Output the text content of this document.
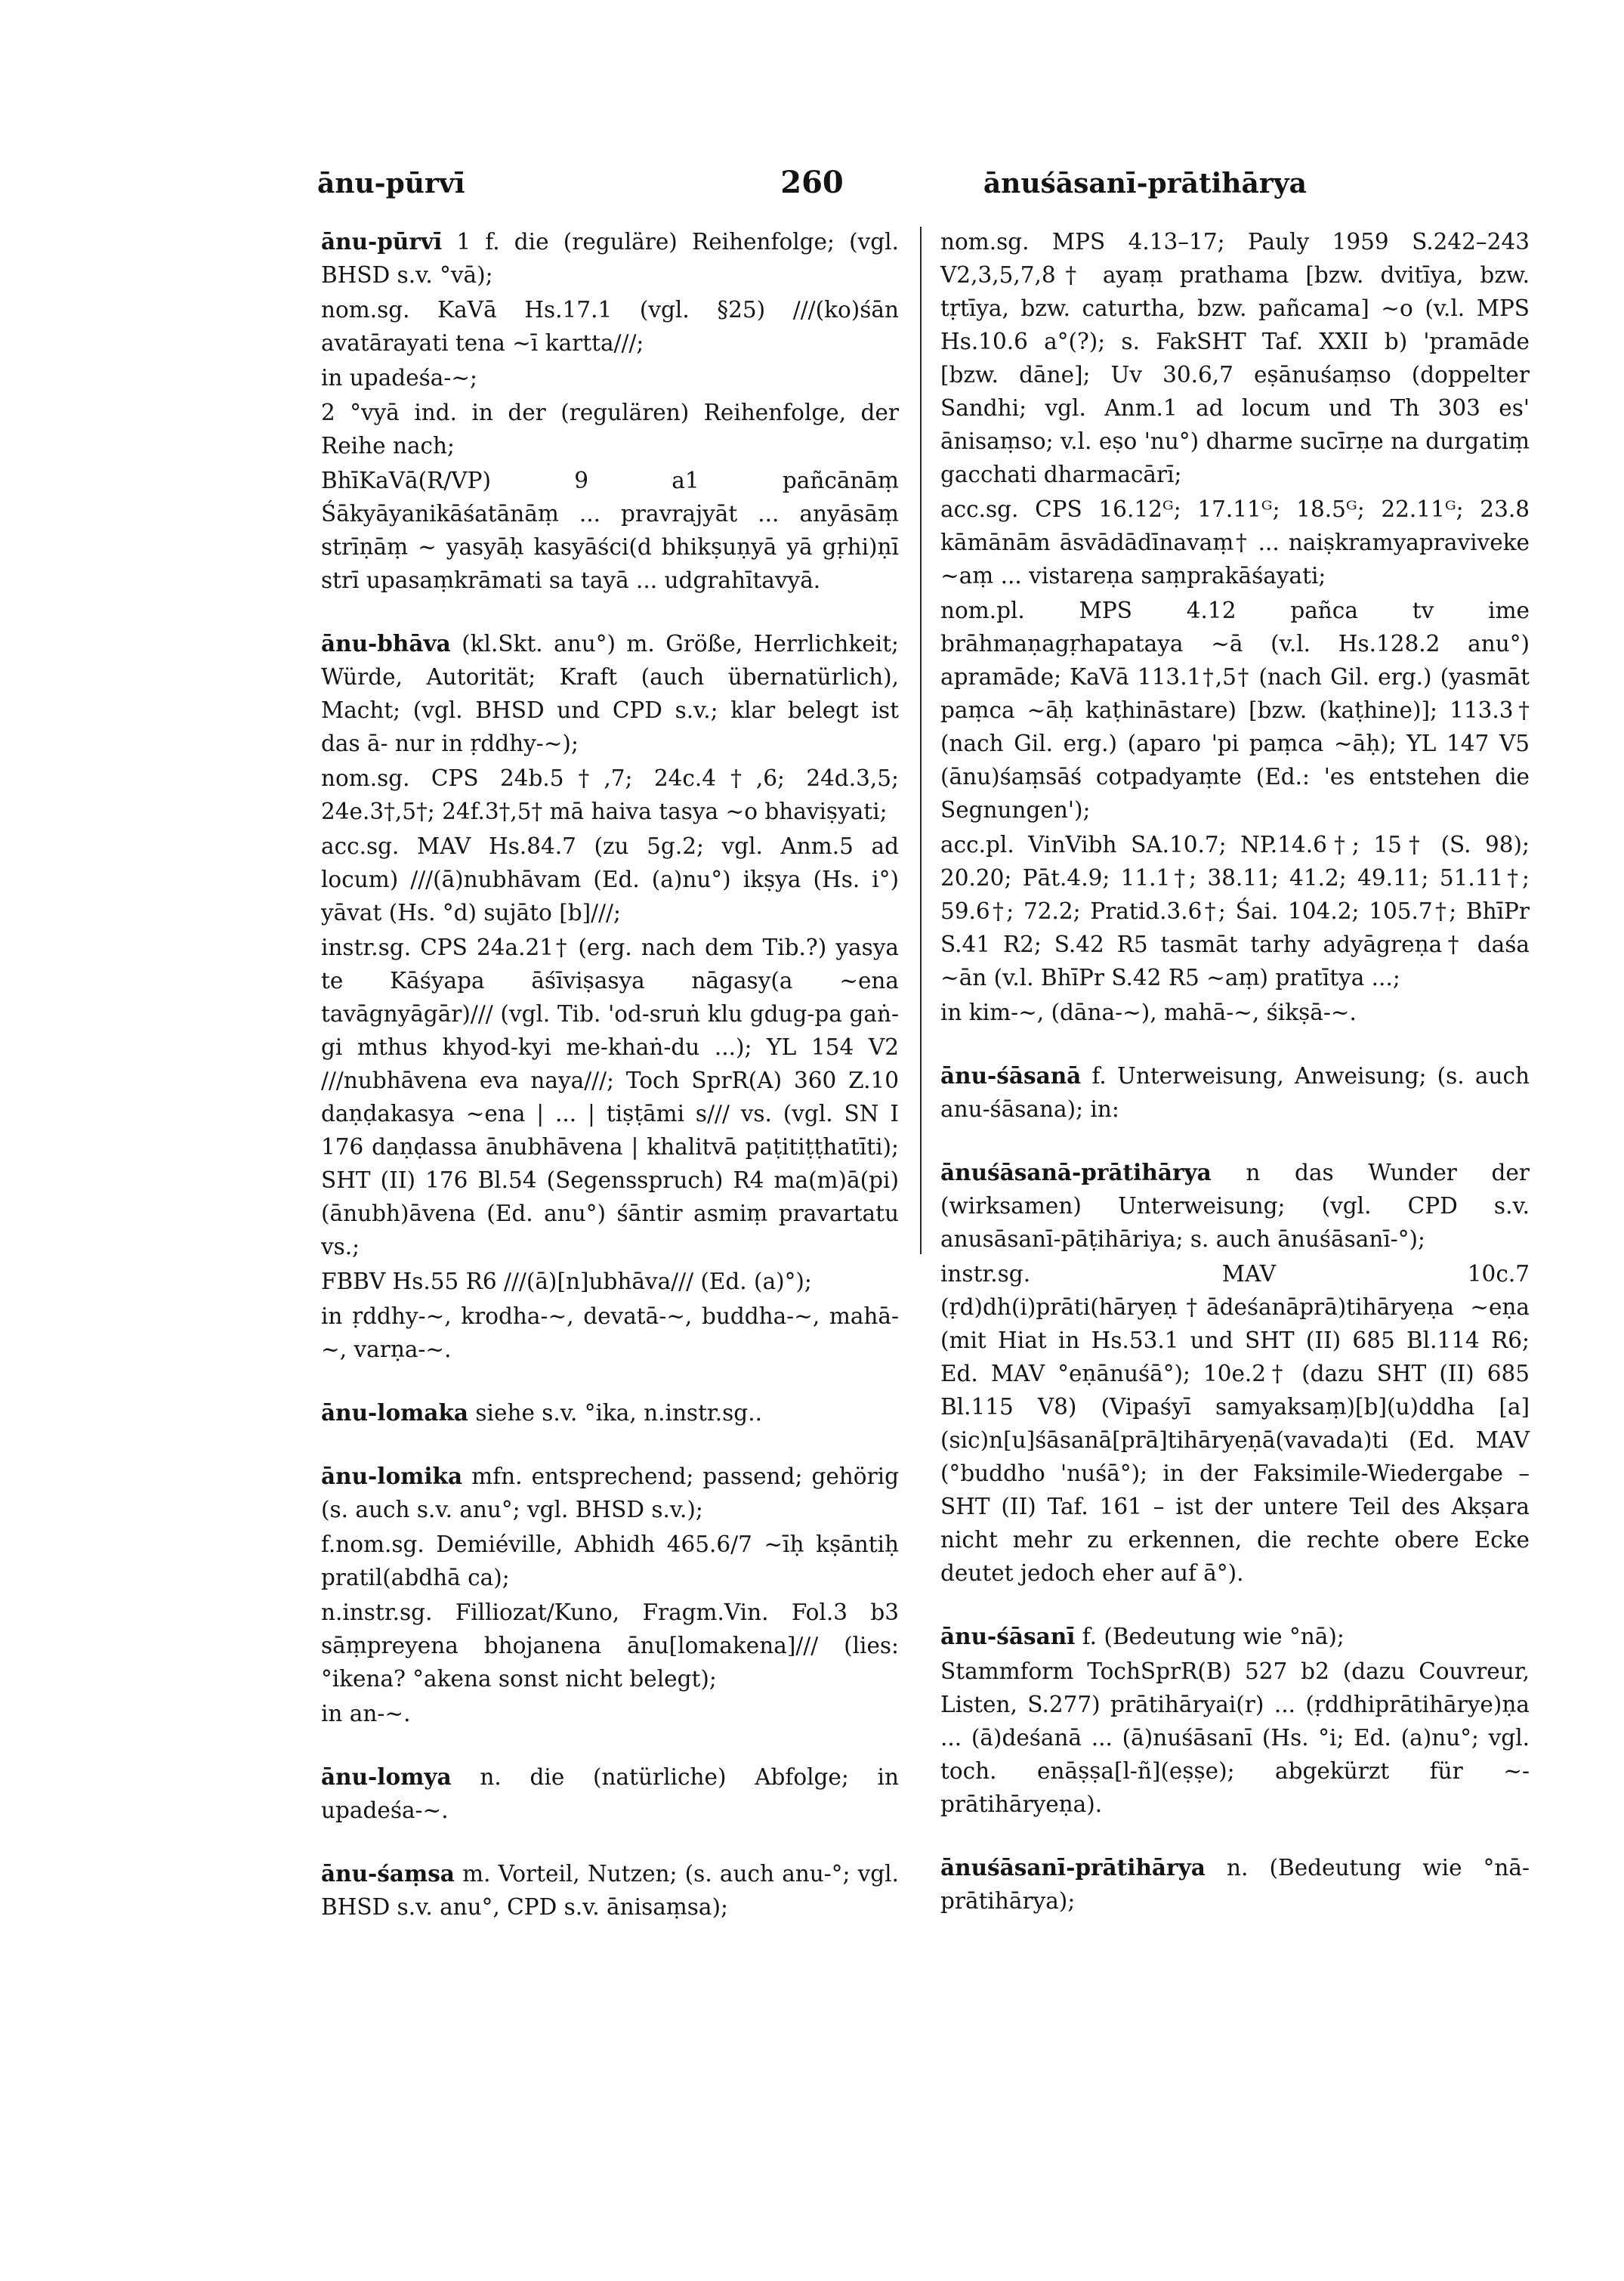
ānu-pūrvī	260	ānuśāsanī-prātihārya

ānu-pūrvī 1 f. die (reguläre) Reihenfolge; (vgl. BHSD s.v. °vā);

nom.sg. KaVā Hs.17.1 (vgl. §25) ///(ko)śān avatārayati tena ~ī kartta///;

in upadeśa-~;

2 °vyā ind. in der (regulären) Reihenfolge, der Reihe nach;

BhīKaVā(R/VP) 9 a1 pañcānāṃ Śākyāyanikāśatānāṃ ... pravrajyāt ... anyāsāṃ strīṇāṃ ~ yasyāḥ kasyāści(d bhikṣuṇyā yā gṛhi)ṇī strī upasaṃkrāmati sa tayā ... udgrahītavyā.

ānu-bhāva (kl.Skt. anu°) m. Größe, Herrlichkeit; Würde, Autorität; Kraft (auch übernatürlich), Macht; (vgl. BHSD und CPD s.v.; klar belegt ist das ā- nur in ṛddhy-~);

nom.sg. CPS 24b.5†,7; 24c.4†,6; 24d.3,5; 24e.3†,5†; 24f.3†,5† mā haiva tasya ~o bhaviṣyati;

acc.sg. MAV Hs.84.7 (zu 5g.2; vgl. Anm.5 ad locum) ///(ā)nubhāvam (Ed. (a)nu°) ikṣya (Hs. i°) yāvat (Hs. °d) sujāto [b]///;

instr.sg. CPS 24a.21† (erg. nach dem Tib.?) yasya te Kāśyapa āśīviṣasya nāgasy(a ~ena tavāgnyāgār)/// (vgl. Tib. 'od-sruṅ klu gdug-pa gaṅ-gi mthus khyod-kyi me-khaṅ-du ...); YL 154 V2 ///nubhāvena eva naya///; Toch SprR(A) 360 Z.10 daṇḍakasya ~ena | ... | tiṣṭāmi s/// vs. (vgl. SN I 176 daṇḍassa ānubhāvena | khalitvā paṭitiṭṭhatīti); SHT (II) 176 Bl.54 (Segensspruch) R4 ma(m)ā(pi) (ānubh)āvena (Ed. anu°) śāntir asmiṃ pravartatu vs.;

FBBV Hs.55 R6 ///(ā)[n]ubhāva/// (Ed. (a)°);

in ṛddhy-~, krodha-~, devatā-~, buddha-~, mahā-~, varṇa-~.

ānu-lomaka siehe s.v. °ika, n.instr.sg..

ānu-lomika mfn. entsprechend; passend; gehörig (s. auch s.v. anu°; vgl. BHSD s.v.);

f.nom.sg. Demiéville, Abhidh 465.6/7 ~īḥ kṣāntiḥ pratil(abdhā ca);

n.instr.sg. Filliozat/Kuno, Fragm.Vin. Fol.3 b3 sāṃpreyena bhojanena ānu[lomakena]/// (lies: °ikena? °akena sonst nicht belegt);

in an-~.

ānu-lomya n. die (natürliche) Abfolge; in upadeśa-~.

ānu-śaṃsa m. Vorteil, Nutzen; (s. auch anu-°; vgl. BHSD s.v. anu°, CPD s.v. ānisaṃsa);

nom.sg. MPS 4.13–17; Pauly 1959 S.242–243 V2,3,5,7,8† ayaṃ prathama [bzw. dvitīya, bzw. tṛtīya, bzw. caturtha, bzw. pañcama] ~o (v.l. MPS Hs.10.6 a°(?); s. FakSHT Taf. XXII b) 'pramāde [bzw. dāne]; Uv 30.6,7 eṣānuśaṃso (doppelter Sandhi; vgl. Anm.1 ad locum und Th 303 es' ānisaṃso; v.l. eṣo 'nu°) dharme sucīrṇe na durgatiṃ gacchati dharmacārī;

acc.sg. CPS 16.12ᴳ; 17.11ᴳ; 18.5ᴳ; 22.11ᴳ; 23.8 kāmānām āsvādādīnavaṃ† ... naiṣkramyapraviveke ~aṃ ... vistareṇa saṃprakāśayati;

nom.pl. MPS 4.12 pañca tv ime brāhmaṇagṛhapataya ~ā (v.l. Hs.128.2 anu°) apramāde; KaVā 113.1†,5† (nach Gil. erg.) (yasmāt paṃca ~āḥ kaṭhināstare) [bzw. (kaṭhine)]; 113.3† (nach Gil. erg.) (aparo 'pi paṃca ~āḥ); YL 147 V5 (ānu)śaṃsāś cotpadyaṃte (Ed.: 'es entstehen die Segnungen');

acc.pl. VinVibh SA.10.7; NP.14.6†; 15† (S. 98); 20.20; Pāt.4.9; 11.1†; 38.11; 41.2; 49.11; 51.11†; 59.6†; 72.2; Pratid.3.6†; Śai. 104.2; 105.7†; BhīPr S.41 R2; S.42 R5 tasmāt tarhy adyāgreṇa† daśa ~ān (v.l. BhīPr S.42 R5 ~aṃ) pratītya ...;

in kim-~, (dāna-~), mahā-~, śikṣā-~.

ānu-śāsanā f. Unterweisung, Anweisung; (s. auch anu-śāsana); in:

ānuśāsanā-prātihārya n das Wunder der (wirksamen) Unterweisung; (vgl. CPD s.v. anusāsanī-pāṭihāriya; s. auch ānuśāsanī-°);

instr.sg. MAV 10c.7 (ṛd)dh(i)prāti(hāryeṇ†ādeśanāprā)tihāryeṇa ~eṇa (mit Hiat in Hs.53.1 und SHT (II) 685 Bl.114 R6; Ed. MAV °eṇānuśā°); 10e.2† (dazu SHT (II) 685 Bl.115 V8) (Vipaśyī samyaksaṃ)[b](u)ddha [a](sic)n[u]śāsanā[prā]tihāryeṇā(vavada)ti (Ed. MAV (°buddho 'nuśā°); in der Faksimile-Wiedergabe – SHT (II) Taf. 161 – ist der untere Teil des Akṣara nicht mehr zu erkennen, die rechte obere Ecke deutet jedoch eher auf ā°).

ānu-śāsanī f. (Bedeutung wie °nā);

Stammform TochSprR(B) 527 b2 (dazu Couvreur, Listen, S.277) prātihāryai(r) ... (ṛddhiprātihārye)ṇa ... (ā)deśanā ... (ā)nuśāsanī (Hs. °i; Ed. (a)nu°; vgl. toch. enāṣṣa[l-ñ](eṣṣe); abgekürzt für ~-prātihāryeṇa).

ānuśāsanī-prātihārya n. (Bedeutung wie °nā-prātihārya);
